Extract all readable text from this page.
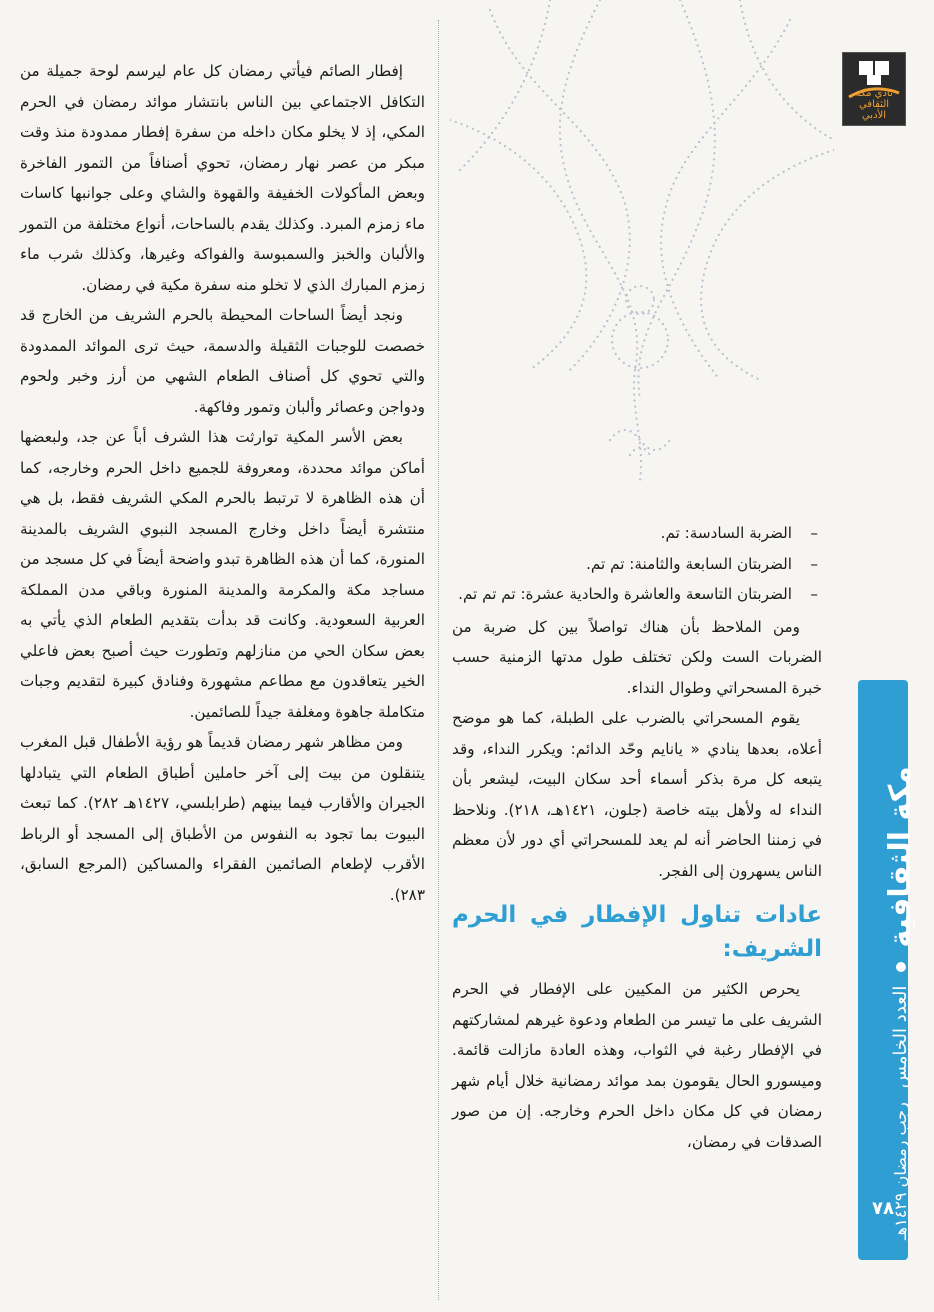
نادي مكة الثقافي الأدبي
مكة الثقافية
العدد الخامس
رجب رمضان ١٤٢٩هـ
٧٨

إفطار الصائم فيأتي رمضان كل عام ليرسم لوحة جميلة من التكافل الاجتماعي بين الناس بانتشار موائد رمضان في الحرم المكي، إذ لا يخلو مكان داخله من سفرة إفطار ممدودة منذ وقت مبكر من عصر نهار رمضان، تحوي أصنافاً من التمور الفاخرة وبعض المأكولات الخفيفة والقهوة والشاي وعلى جوانبها كاسات ماء زمزم المبرد. وكذلك يقدم بالساحات، أنواع مختلفة من التمور والألبان والخبز والسمبوسة والفواكه وغيرها، وكذلك شرب ماء زمزم المبارك الذي لا تخلو منه سفرة مكية في رمضان.

ونجد أيضاً الساحات المحيطة بالحرم الشريف من الخارج قد خصصت للوجبات الثقيلة والدسمة، حيث ترى الموائد الممدودة والتي تحوي كل أصناف الطعام الشهي من أرز وخبر ولحوم ودواجن وعصائر وألبان وتمور وفاكهة.

بعض الأسر المكية توارثت هذا الشرف أباً عن جد، ولبعضها أماكن موائد محددة، ومعروفة للجميع داخل الحرم وخارجه، كما أن هذه الظاهرة لا ترتبط بالحرم المكي الشريف فقط، بل هي منتشرة أيضاً داخل وخارج المسجد النبوي الشريف بالمدينة المنورة، كما أن هذه الظاهرة تبدو واضحة أيضاً في كل مسجد من مساجد مكة والمكرمة والمدينة المنورة وباقي مدن المملكة العربية السعودية. وكانت قد بدأت بتقديم الطعام الذي يأتي به بعض سكان الحي من منازلهم وتطورت حيث أصبح بعض فاعلي الخير يتعاقدون مع مطاعم مشهورة وفنادق كبيرة لتقديم وجبات متكاملة جاهوة ومغلفة جيداً للصائمين.

ومن مظاهر شهر رمضان قديماً هو رؤية الأطفال قبل المغرب يتنقلون من بيت إلى آخر حاملين أطباق الطعام التي يتبادلها الجيران والأقارب فيما بينهم (طرابلسي، ١٤٢٧هـ ٢٨٢). كما تبعث البيوت بما تجود به النفوس من الأطباق إلى المسجد أو الرباط الأقرب لإطعام الصائمين الفقراء والمساكين (المرجع السابق، ٢٨٣).

– الضربة السادسة: تم.
– الضربتان السابعة والثامنة: تم تم.
– الضربتان التاسعة والعاشرة والحادية عشرة: تم تم تم.

ومن الملاحظ بأن هناك تواصلاً بين كل ضربة من الضربات الست ولكن تختلف طول مدتها الزمنية حسب خبرة المسحراتي وطوال النداء.

يقوم المسحراتي بالضرب على الطبلة، كما هو موضح أعلاه، بعدها ينادي « يانايم وحّد الدائم: ويكرر النداء، وقد يتبعه كل مرة بذكر أسماء أحد سكان البيت، ليشعر بأن النداء له ولأهل بيته خاصة (جلون، ١٤٢١هـ، ٢١٨). ونلاحظ في زمننا الحاضر أنه لم يعد للمسحراتي أي دور لأن معظم الناس يسهرون إلى الفجر.

عادات تناول الإفطار في الحرم الشريف:

يحرص الكثير من المكيين على الإفطار في الحرم الشريف على ما تيسر من الطعام ودعوة غيرهم لمشاركتهم في الإفطار رغبة في الثواب، وهذه العادة مازالت قائمة. وميسورو الحال يقومون بمد موائد رمضانية خلال أيام شهر رمضان في كل مكان داخل الحرم وخارجه. إن من صور الصدقات في رمضان،
